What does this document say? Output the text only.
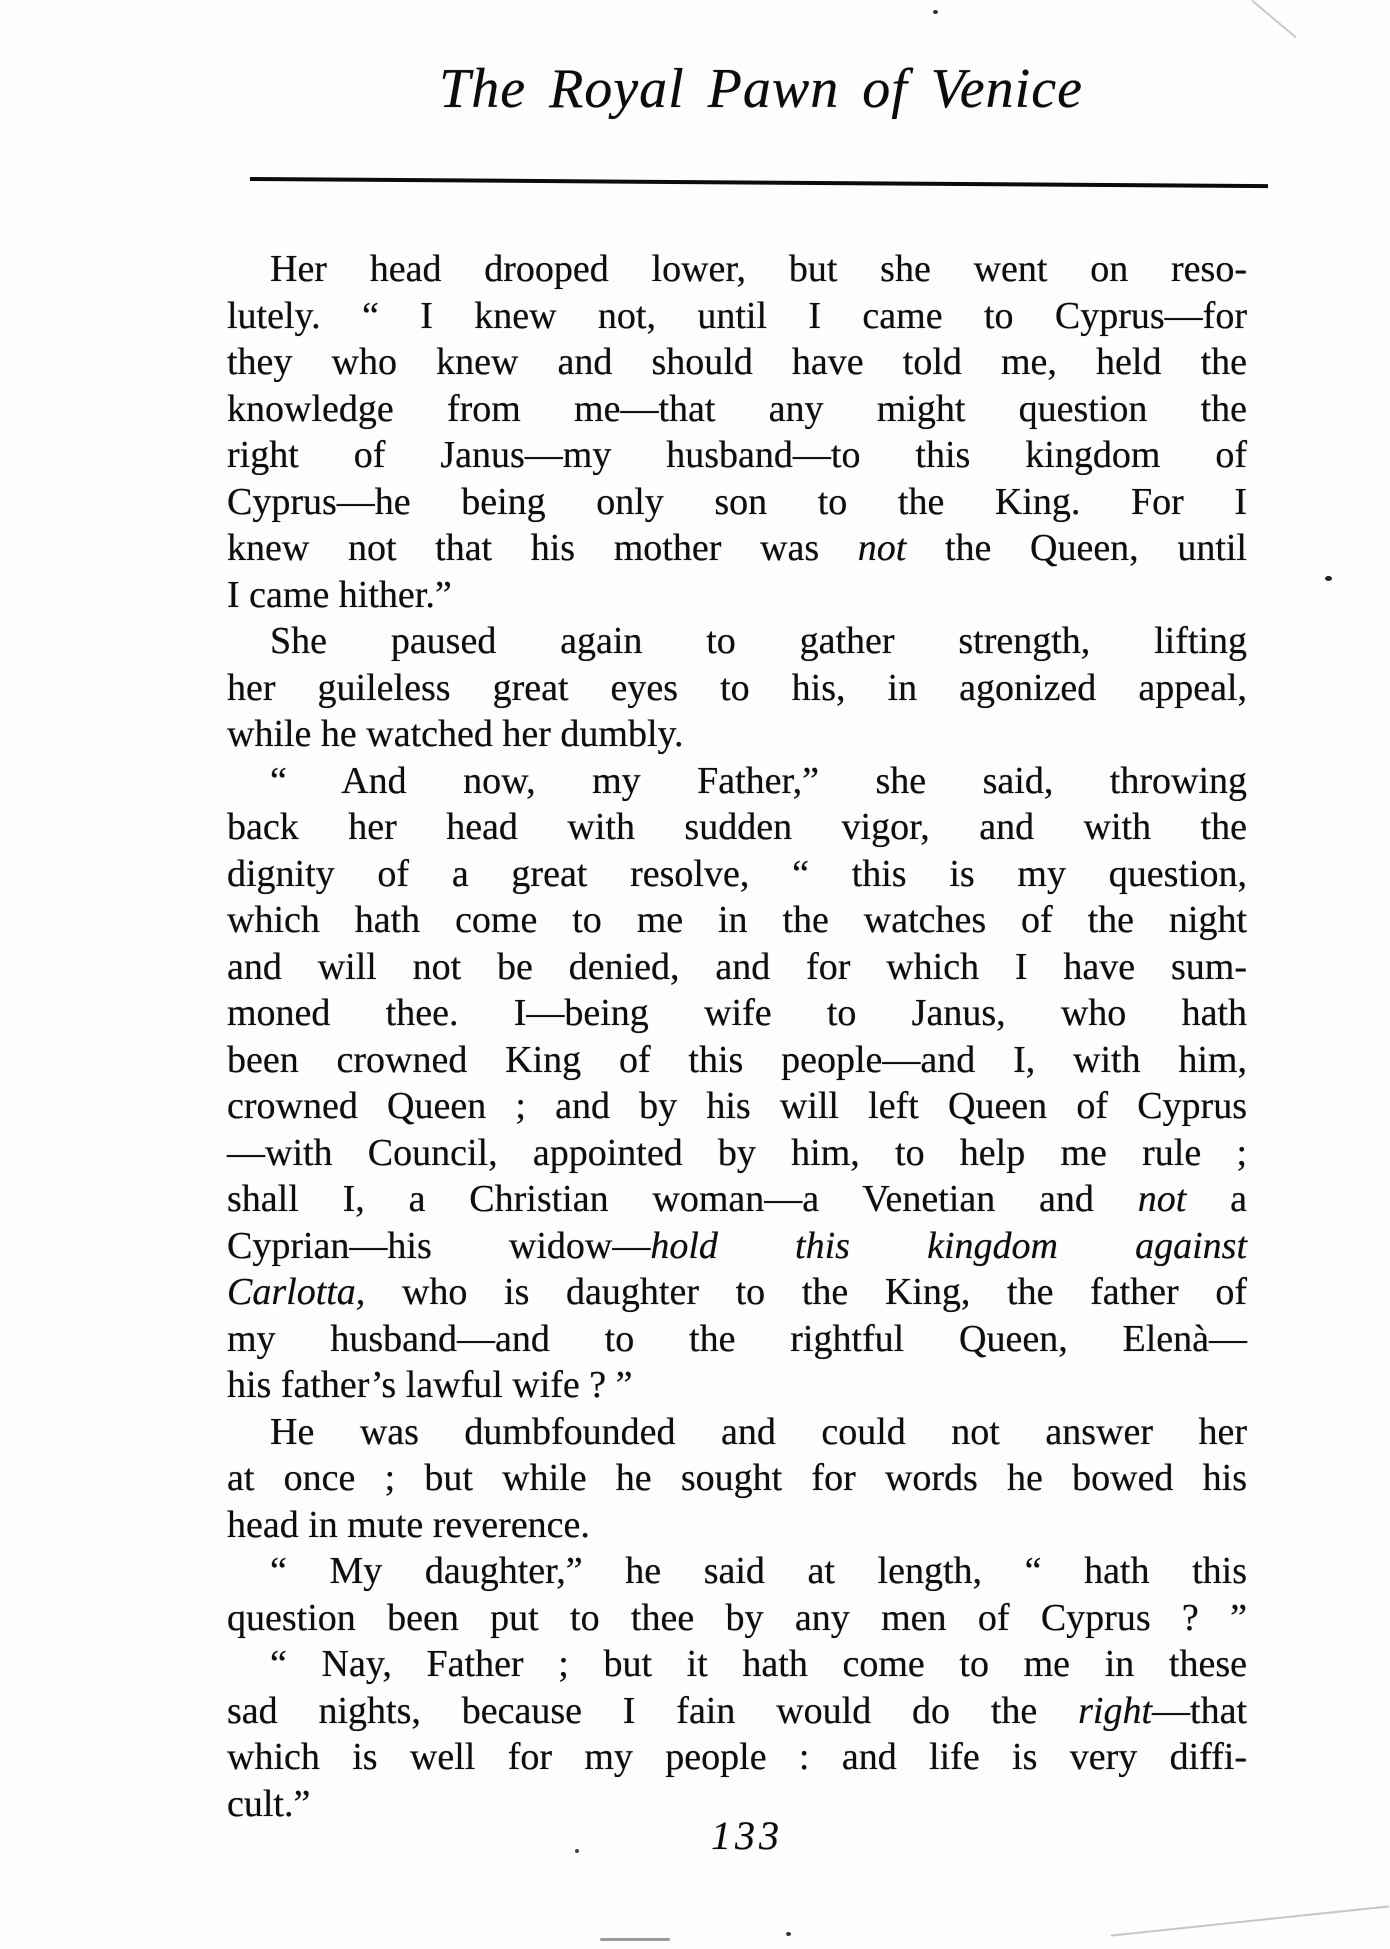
The Royal Pawn of Venice
Her head drooped lower, but she went on reso-
lutely. “ I knew not, until I came to Cyprus—for
they who knew and should have told me, held the
knowledge from me—that any might question the
right of Janus—my husband—to this kingdom of
Cyprus—he being only son to the King. For I
knew not that his mother was not the Queen, until
I came hither.”
She paused again to gather strength, lifting
her guileless great eyes to his, in agonized appeal,
while he watched her dumbly.
“ And now, my Father,” she said, throwing
back her head with sudden vigor, and with the
dignity of a great resolve, “ this is my question,
which hath come to me in the watches of the night
and will not be denied, and for which I have sum-
moned thee. I—being wife to Janus, who hath
been crowned King of this people—and I, with him,
crowned Queen ; and by his will left Queen of Cyprus
—with Council, appointed by him, to help me rule ;
shall I, a Christian woman—a Venetian and not a
Cyprian—his widow—hold this kingdom against
Carlotta, who is daughter to the King, the father of
my husband—and to the rightful Queen, Elenà—
his father’s lawful wife ? ”
He was dumbfounded and could not answer her
at once ; but while he sought for words he bowed his
head in mute reverence.
“ My daughter,” he said at length, “ hath this
question been put to thee by any men of Cyprus ? ”
“ Nay, Father ; but it hath come to me in these
sad nights, because I fain would do the right—that
which is well for my people : and life is very diffi-
cult.”
133
